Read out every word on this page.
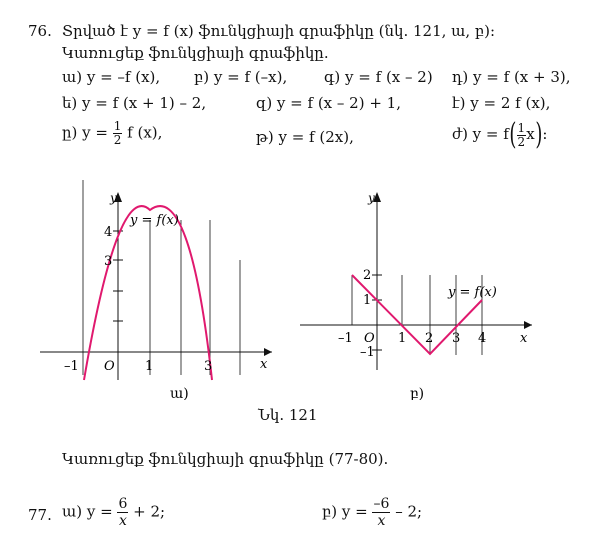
76. Տրված է y = f (x) ֆունկցիայի գրաֆիկը (նկ. 121, ա, բ):
Կառուցեք ֆունկցիայի գրաֆիկը.
ա) y = –f (x), բ) y = f (–x), գ) y = f (x – 2) դ) y = f (x + 3),
ե) y = f (x + 1) – 2,	զ) y = f (x – 2) + 1,	է) y = 2 f (x),
ը) $y = \frac{1}{2}$ f (x),	թ) y = f (2x),	ժ) $y = f( \frac{1}{2} x)$:
y
x
y = f(x)
4
3
–1 O 1	3
ա)
y
x
y = f(x)
2
1
–1
–1 O 1 2 3 4
բ)
Նկ. 121
Կառուցեք ֆունկցիայի գրաֆիկը (77-80).
77. ա) $y = \frac{6}{x} + 2$;	բ) $y = \frac{-6}{x} - 2$;
